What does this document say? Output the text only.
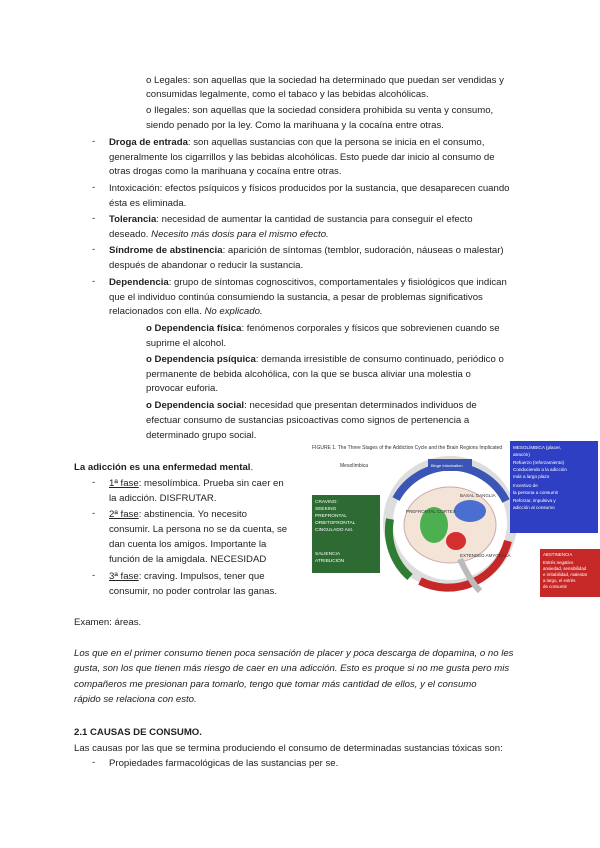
o Legales: son aquellas que la sociedad ha determinado que puedan ser vendidas y
consumidas legalmente, como el tabaco y las bebidas alcohólicas.
o Ilegales: son aquellas que la sociedad considera prohibida su venta y consumo,
siendo penado por la ley. Como la marihuana y la cocaína entre otras.
- Droga de entrada: son aquellas sustancias con que la persona se inicia en el consumo,
generalmente los cigarrillos y las bebidas alcohólicas. Esto puede dar inicio al consumo de
otras drogas como la marihuana y cocaína entre otras.
- Intoxicación: efectos psíquicos y físicos producidos por la sustancia, que desaparecen cuando
ésta es eliminada.
- Tolerancia: necesidad de aumentar la cantidad de sustancia para conseguir el efecto
deseado. Necesito más dosis para el mismo efecto.
- Síndrome de abstinencia: aparición de síntomas (temblor, sudoración, náuseas o malestar)
después de abandonar o reducir la sustancia.
- Dependencia: grupo de síntomas cognoscitivos, comportamentales y fisiológicos que indican
que el individuo continúa consumiendo la sustancia, a pesar de problemas significativos
relacionados con ella. No explicado.
o Dependencia física: fenómenos corporales y físicos que sobrevienen cuando se
suprime el alcohol.
o Dependencia psíquica: demanda irresistible de consumo continuado, periódico o
permanente de bebida alcohólica, con la que se busca aliviar una molestia o
provocar euforia.
o Dependencia social: necesidad que presentan determinados individuos de
efectuar consumo de sustancias psicoactivas como signos de pertenencia a
determinado grupo social.
La adicción es una enfermedad mental.
- 1ª fase: mesolímbica. Prueba sin caer en
la adicción. DISFRUTAR.
- 2ª fase: abstinencia. Yo necesito
consumir. La persona no se da cuenta, se
dan cuenta los amigos. Importante la
función de la amigdala. NECESIDAD
- 3ª fase: craving. Impulsos, tener que
consumir, no poder controlar las ganas.
FIGURE 1. The Three Stages of the Addiction Cycle and the Brain Regions Implicated
BASAL GANGLIA
PREFRONTAL CORTEX
EXTENDED AMYGDALA
Mesolímbica	Binge Intoxication
CRAVING:
SEEKING
PREFRONTAL
ORBITOFRONTAL
CINGULADO Ant.
SALIENCIA
ATRIBUCIÓN
MESOLÍMBICA (placer,
atracón)
Refuerzo (reforzamiento)
Conduciendo a la adicción
más a largo plazo
Incentivo de
la persona a consumir
Reforzar, impulsiva y
adicción al consumo
ABSTINENCIA
Estrés negativo
ansiedad, sensibilidad
e irritabilidad, malestar
a largo, el estrés
de consumir
Examen: áreas.
Los que en el primer consumo tienen poca sensación de placer y poca descarga de dopamina, o no les
gusta, son los que tienen más riesgo de caer en una adicción. Esto es proque si no me gusta pero mis
compañeros me presionan para tomarlo, tengo que tomar más cantidad de ellos, y el consumo
rápido se relaciona con esto.
2.1 CAUSAS DE CONSUMO.
Las causas por las que se termina produciendo el consumo de determinadas sustancias tóxicas son:
- Propiedades farmacológicas de las sustancias per se.
